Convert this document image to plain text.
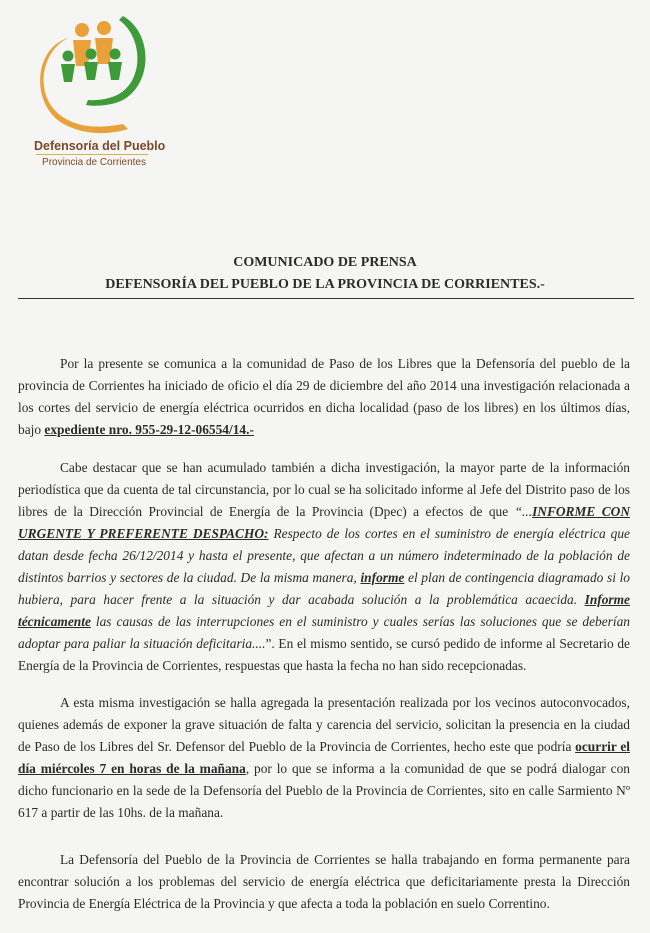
Defensoría del Pueblo
Provincia de Corrientes
COMUNICADO DE PRENSA
DEFENSORÍA DEL PUEBLO DE LA PROVINCIA DE CORRIENTES.-
Por la presente se comunica a la comunidad de Paso de los Libres que la Defensoría del pueblo de la provincia de Corrientes ha iniciado de oficio el día 29 de diciembre del año 2014 una investigación relacionada a los cortes del servicio de energía eléctrica ocurridos en dicha localidad (paso de los libres) en los últimos días, bajo expediente nro. 955-29-12-06554/14.-
Cabe destacar que se han acumulado también a dicha investigación, la mayor parte de la información periodística que da cuenta de tal circunstancia, por lo cual se ha solicitado informe al Jefe del Distrito paso de los libres de la Dirección Provincial de Energía de la Provincia (Dpec) a efectos de que “...INFORME CON URGENTE Y PREFERENTE DESPACHO: Respecto de los cortes en el suministro de energía eléctrica que datan desde fecha 26/12/2014 y hasta el presente, que afectan a un número indeterminado de la población de distintos barrios y sectores de la ciudad. De la misma manera, informe el plan de contingencia diagramado si lo hubiera, para hacer frente a la situación y dar acabada solución a la problemática acaecida. Informe técnicamente las causas de las interrupciones en el suministro y cuales serías las soluciones que se deberían adoptar para paliar la situación deficitaria....”. En el mismo sentido, se cursó pedido de informe al Secretario de Energía de la Provincia de Corrientes, respuestas que hasta la fecha no han sido recepcionadas.
A esta misma investigación se halla agregada la presentación realizada por los vecinos autoconvocados, quienes además de exponer la grave situación de falta y carencia del servicio, solicitan la presencia en la ciudad de Paso de los Libres del Sr. Defensor del Pueblo de la Provincia de Corrientes, hecho este que podría ocurrir el día miércoles 7 en horas de la mañana, por lo que se informa a la comunidad de que se podrá dialogar con dicho funcionario en la sede de la Defensoría del Pueblo de la Provincia de Corrientes, sito en calle Sarmiento Nº 617 a partir de las 10hs. de la mañana.
La Defensoría del Pueblo de la Provincia de Corrientes se halla trabajando en forma permanente para encontrar solución a los problemas del servicio de energía eléctrica que deficitariamente presta la Dirección Provincia de Energía Eléctrica de la Provincia y que afecta a toda la población en suelo Correntino.
